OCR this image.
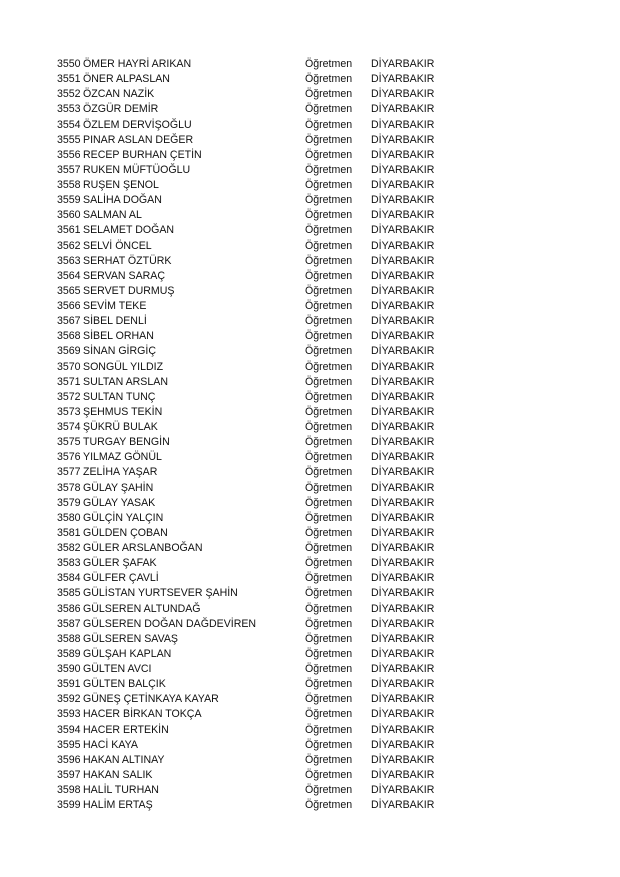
3550 ÖMER HAYRİ ARIKAN	Öğretmen DİYARBAKIR
3551 ÖNER ALPASLAN	Öğretmen DİYARBAKIR
3552 ÖZCAN NAZİK	Öğretmen DİYARBAKIR
3553 ÖZGÜR DEMİR	Öğretmen DİYARBAKIR
3554 ÖZLEM DERVİŞOĞLU	Öğretmen DİYARBAKIR
3555 PINAR ASLAN DEĞER	Öğretmen DİYARBAKIR
3556 RECEP BURHAN ÇETİN	Öğretmen DİYARBAKIR
3557 RUKEN MÜFTÜOĞLU	Öğretmen DİYARBAKIR
3558 RUŞEN ŞENOL	Öğretmen DİYARBAKIR
3559 SALİHA DOĞAN	Öğretmen DİYARBAKIR
3560 SALMAN AL	Öğretmen DİYARBAKIR
3561 SELAMET DOĞAN	Öğretmen DİYARBAKIR
3562 SELVİ ÖNCEL	Öğretmen DİYARBAKIR
3563 SERHAT ÖZTÜRK	Öğretmen DİYARBAKIR
3564 SERVAN SARAÇ	Öğretmen DİYARBAKIR
3565 SERVET DURMUŞ	Öğretmen DİYARBAKIR
3566 SEVİM TEKE	Öğretmen DİYARBAKIR
3567 SİBEL DENLİ	Öğretmen DİYARBAKIR
3568 SİBEL ORHAN	Öğretmen DİYARBAKIR
3569 SİNAN GİRGİÇ	Öğretmen DİYARBAKIR
3570 SONGÜL YILDIZ	Öğretmen DİYARBAKIR
3571 SULTAN ARSLAN	Öğretmen DİYARBAKIR
3572 SULTAN TUNÇ	Öğretmen DİYARBAKIR
3573 ŞEHMUS TEKİN	Öğretmen DİYARBAKIR
3574 ŞÜKRÜ BULAK	Öğretmen DİYARBAKIR
3575 TURGAY BENGİN	Öğretmen DİYARBAKIR
3576 YILMAZ GÖNÜL	Öğretmen DİYARBAKIR
3577 ZELİHA YAŞAR	Öğretmen DİYARBAKIR
3578 GÜLAY ŞAHİN	Öğretmen DİYARBAKIR
3579 GÜLAY YASAK	Öğretmen DİYARBAKIR
3580 GÜLÇİN YALÇIN	Öğretmen DİYARBAKIR
3581 GÜLDEN ÇOBAN	Öğretmen DİYARBAKIR
3582 GÜLER ARSLANBOĞAN	Öğretmen DİYARBAKIR
3583 GÜLER ŞAFAK	Öğretmen DİYARBAKIR
3584 GÜLFER ÇAVLİ	Öğretmen DİYARBAKIR
3585 GÜLİSTAN YURTSEVER ŞAHİN	Öğretmen DİYARBAKIR
3586 GÜLSEREN ALTUNDAĞ	Öğretmen DİYARBAKIR
3587 GÜLSEREN DOĞAN DAĞDEVİREN	Öğretmen DİYARBAKIR
3588 GÜLSEREN SAVAŞ	Öğretmen DİYARBAKIR
3589 GÜLŞAH KAPLAN	Öğretmen DİYARBAKIR
3590 GÜLTEN AVCI	Öğretmen DİYARBAKIR
3591 GÜLTEN BALÇIK	Öğretmen DİYARBAKIR
3592 GÜNEŞ ÇETİNKAYA KAYAR	Öğretmen DİYARBAKIR
3593 HACER BİRKAN TOKÇA	Öğretmen DİYARBAKIR
3594 HACER ERTEKİN	Öğretmen DİYARBAKIR
3595 HACİ KAYA	Öğretmen DİYARBAKIR
3596 HAKAN ALTINAY	Öğretmen DİYARBAKIR
3597 HAKAN SALIK	Öğretmen DİYARBAKIR
3598 HALİL TURHAN	Öğretmen DİYARBAKIR
3599 HALİM ERTAŞ	Öğretmen DİYARBAKIR
